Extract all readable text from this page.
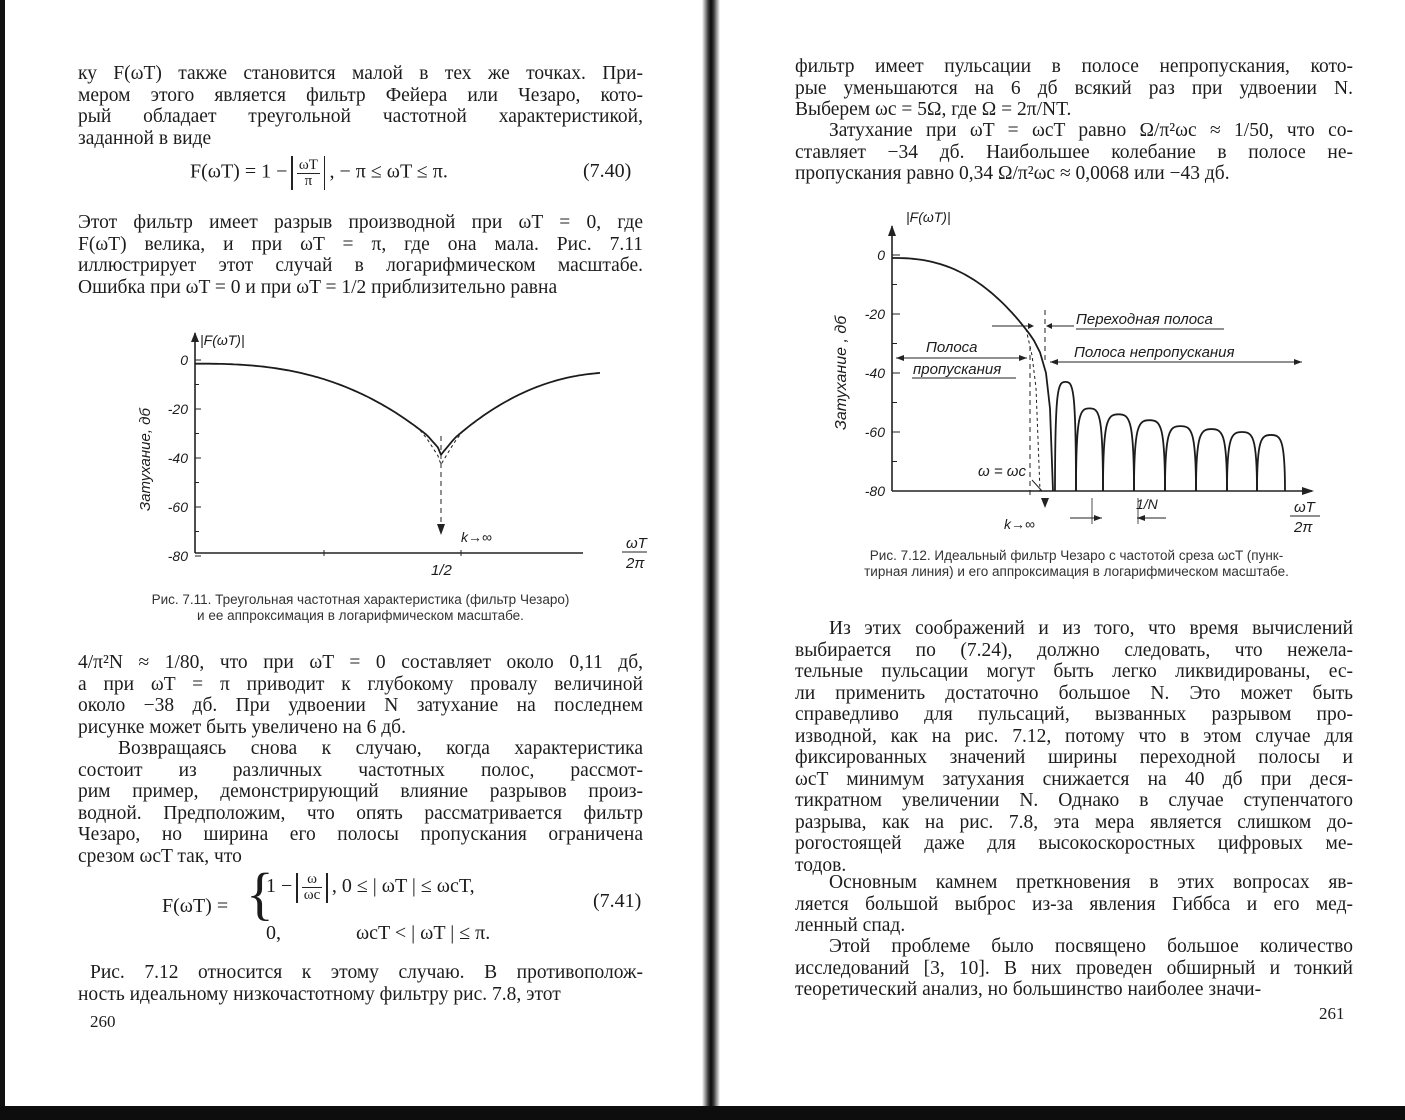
ку F(ωT) также становится малой в тех же точках. При-
мером этого является фильтр Фейера или Чезаро, кото-
рый обладает треугольной частотной характеристикой,
заданной в виде
$F(\omega T) = 1 - \frac{\omega T}{\pi}$ , − π ≤ ωT ≤ π.	(7.40)
Этот фильтр имеет разрыв производной при ωT = 0, где
F(ωT) велика, и при ωT = π, где она мала. Рис. 7.11
иллюстрирует этот случай в логарифмическом масштабе.
Ошибка при ωT = 0 и при ωT = 1/2 приблизительно равна
0
-20
-40
-60
-80
|F(ωT)|
Затухание, дб
k→∞
1/2
ωT
2π
Рис. 7.11. Треугольная частотная характеристика (фильтр Чезаро)
и ее аппроксимация в логарифмическом масштабе.
4/π²N ≈ 1/80, что при ωT = 0 составляет около 0,11 дб,
а при ωT = π приводит к глубокому провалу величиной
около −38 дб. При удвоении N затухание на последнем
рисунке может быть увеличено на 6 дб.
Возвращаясь снова к случаю, когда характеристика
состоит из различных частотных полос, рассмот-
рим пример, демонстрирующий влияние разрывов произ-
водной. Предположим, что опять рассматривается фильтр
Чезаро, но ширина его полосы пропускания ограничена
срезом ωcT так, что
F(ωT) = {
$1 - \frac{\omega}{\omega c}$ , 0 ≤ | ωT | ≤ ωcT,
0,	ωcT < | ωT | ≤ π.
(7.41)
Рис. 7.12 относится к этому случаю. В противополож-
ность идеальному низкочастотному фильтру рис. 7.8, этот
260
фильтр имеет пульсации в полосе непропускания, кото-
рые уменьшаются на 6 дб всякий раз при удвоении N.
Выберем ωc = 5Ω, где Ω = 2π/NT.
Затухание при ωT = ωcT равно Ω/π²ωc ≈ 1/50, что со-
ставляет −34 дб. Наибольшее колебание в полосе не-
пропускания равно 0,34 Ω/π²ωc ≈ 0,0068 или −43 дб.
0
-20
-40
-60
-80
|F(ωT)|
Затухание , дб	Переходная полоса
Полоса
пропускания
Полоса непропускания
ω = ωc
k→∞
1/N	ωT
2π
Рис. 7.12. Идеальный фильтр Чезаро с частотой среза ωcT (пунк-
тирная линия) и его аппроксимация в логарифмическом масштабе.
Из этих соображений и из того, что время вычислений
выбирается по (7.24), должно следовать, что нежела-
тельные пульсации могут быть легко ликвидированы, ес-
ли применить достаточно большое N. Это может быть
справедливо для пульсаций, вызванных разрывом про-
изводной, как на рис. 7.12, потому что в этом случае для
фиксированных значений ширины переходной полосы и
ωcT минимум затухания снижается на 40 дб при деся-
тикратном увеличении N. Однако в случае ступенчатого
разрыва, как на рис. 7.8, эта мера является слишком до-
рогостоящей даже для высокоскоростных цифровых ме-
тодов.
Основным камнем преткновения в этих вопросах яв-
ляется большой выброс из-за явления Гиббса и его мед-
ленный спад.
Этой проблеме было посвящено большое количество
исследований [3, 10]. В них проведен обширный и тонкий
теоретический анализ, но большинство наиболее значи-
261
